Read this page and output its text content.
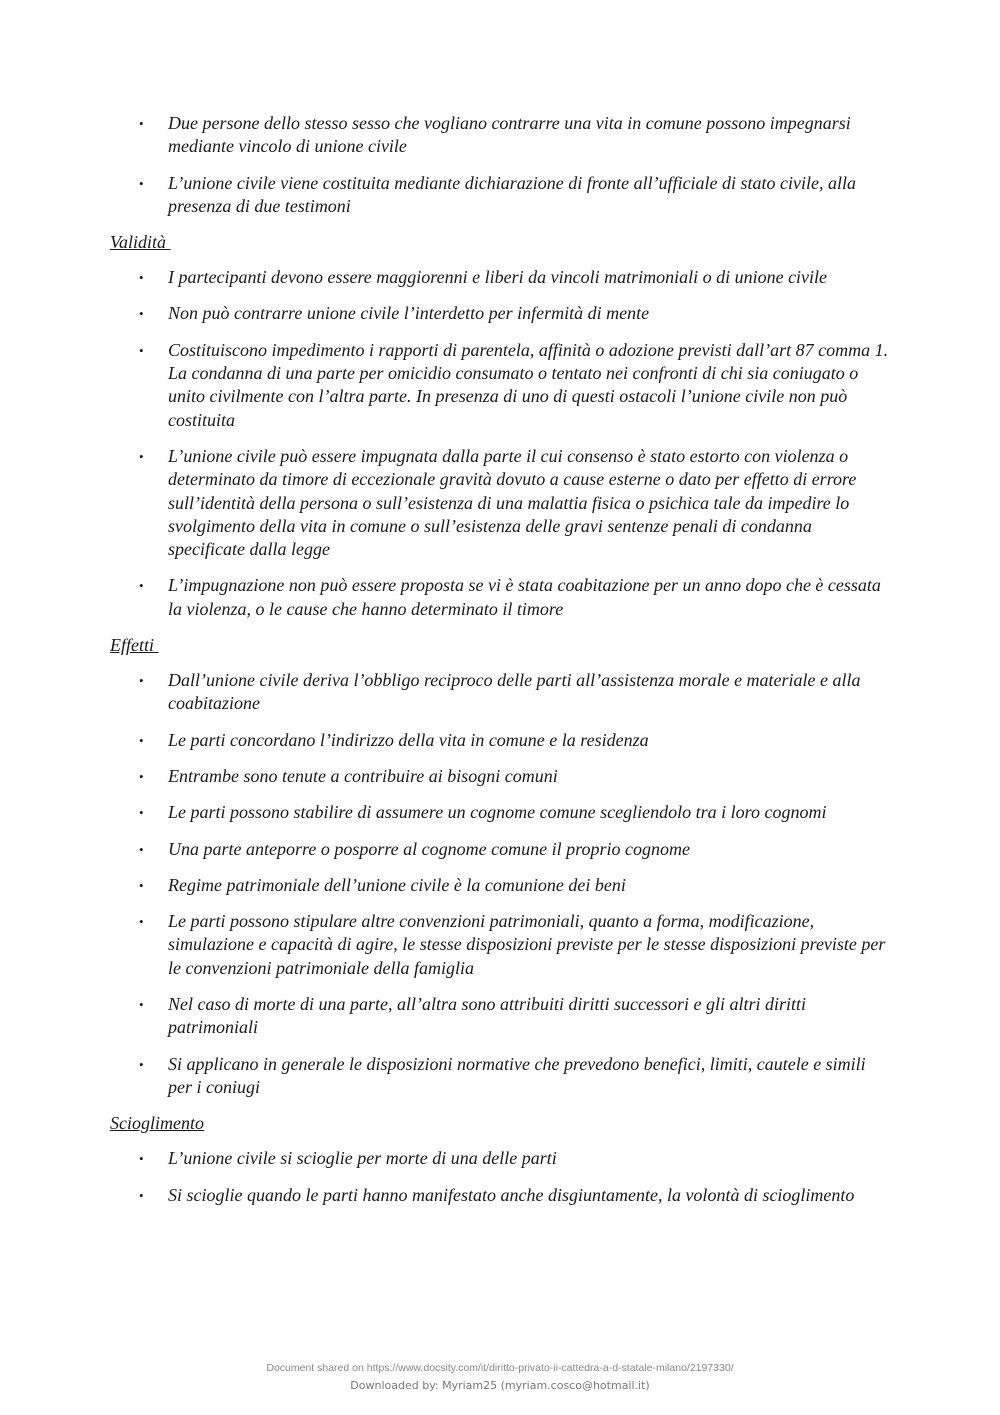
• Due persone dello stesso sesso che vogliano contrarre una vita in comune possono impegnarsi mediante vincolo di unione civile
• L’unione civile viene costituita mediante dichiarazione di fronte all’ufficiale di stato civile, alla presenza di due testimoni
Validità
• I partecipanti devono essere maggiorenni e liberi da vincoli matrimoniali o di unione civile
• Non può contrarre unione civile l’interdetto per infermità di mente
• Costituiscono impedimento i rapporti di parentela, affinità o adozione previsti dall’art 87 comma 1. La condanna di una parte per omicidio consumato o tentato nei confronti di chi sia coniugato o unito civilmente con l’altra parte. In presenza di uno di questi ostacoli l’unione civile non può costituita
• L’unione civile può essere impugnata dalla parte il cui consenso è stato estorto con violenza o determinato da timore di eccezionale gravità dovuto a cause esterne o dato per effetto di errore sull’identità della persona o sull’esistenza di una malattia fisica o psichica tale da impedire lo svolgimento della vita in comune o sull’esistenza delle gravi sentenze penali di condanna specificate dalla legge
• L’impugnazione non può essere proposta se vi è stata coabitazione per un anno dopo che è cessata la violenza, o le cause che hanno determinato il timore
Effetti
• Dall’unione civile deriva l’obbligo reciproco delle parti all’assistenza morale e materiale e alla coabitazione
• Le parti concordano l’indirizzo della vita in comune e la residenza
• Entrambe sono tenute a contribuire ai bisogni comuni
• Le parti possono stabilire di assumere un cognome comune scegliendolo tra i loro cognomi
• Una parte anteporre o posporre al cognome comune il proprio cognome
• Regime patrimoniale dell’unione civile è la comunione dei beni
• Le parti possono stipulare altre convenzioni patrimoniali, quanto a forma, modificazione, simulazione e capacità di agire, le stesse disposizioni previste per le stesse disposizioni previste per le convenzioni patrimoniale della famiglia
• Nel caso di morte di una parte, all’altra sono attribuiti diritti successori e gli altri diritti patrimoniali
• Si applicano in generale le disposizioni normative che prevedono benefici, limiti, cautele e simili per i coniugi
Scioglimento
• L’unione civile si scioglie per morte di una delle parti
• Si scioglie quando le parti hanno manifestato anche disgiuntamente, la volontà di scioglimento
Document shared on https://www.docsity.com/it/diritto-privato-ii-cattedra-a-d-statale-milano/2197330/
Downloaded by: Myriam25 (myriam.cosco@hotmail.it)
